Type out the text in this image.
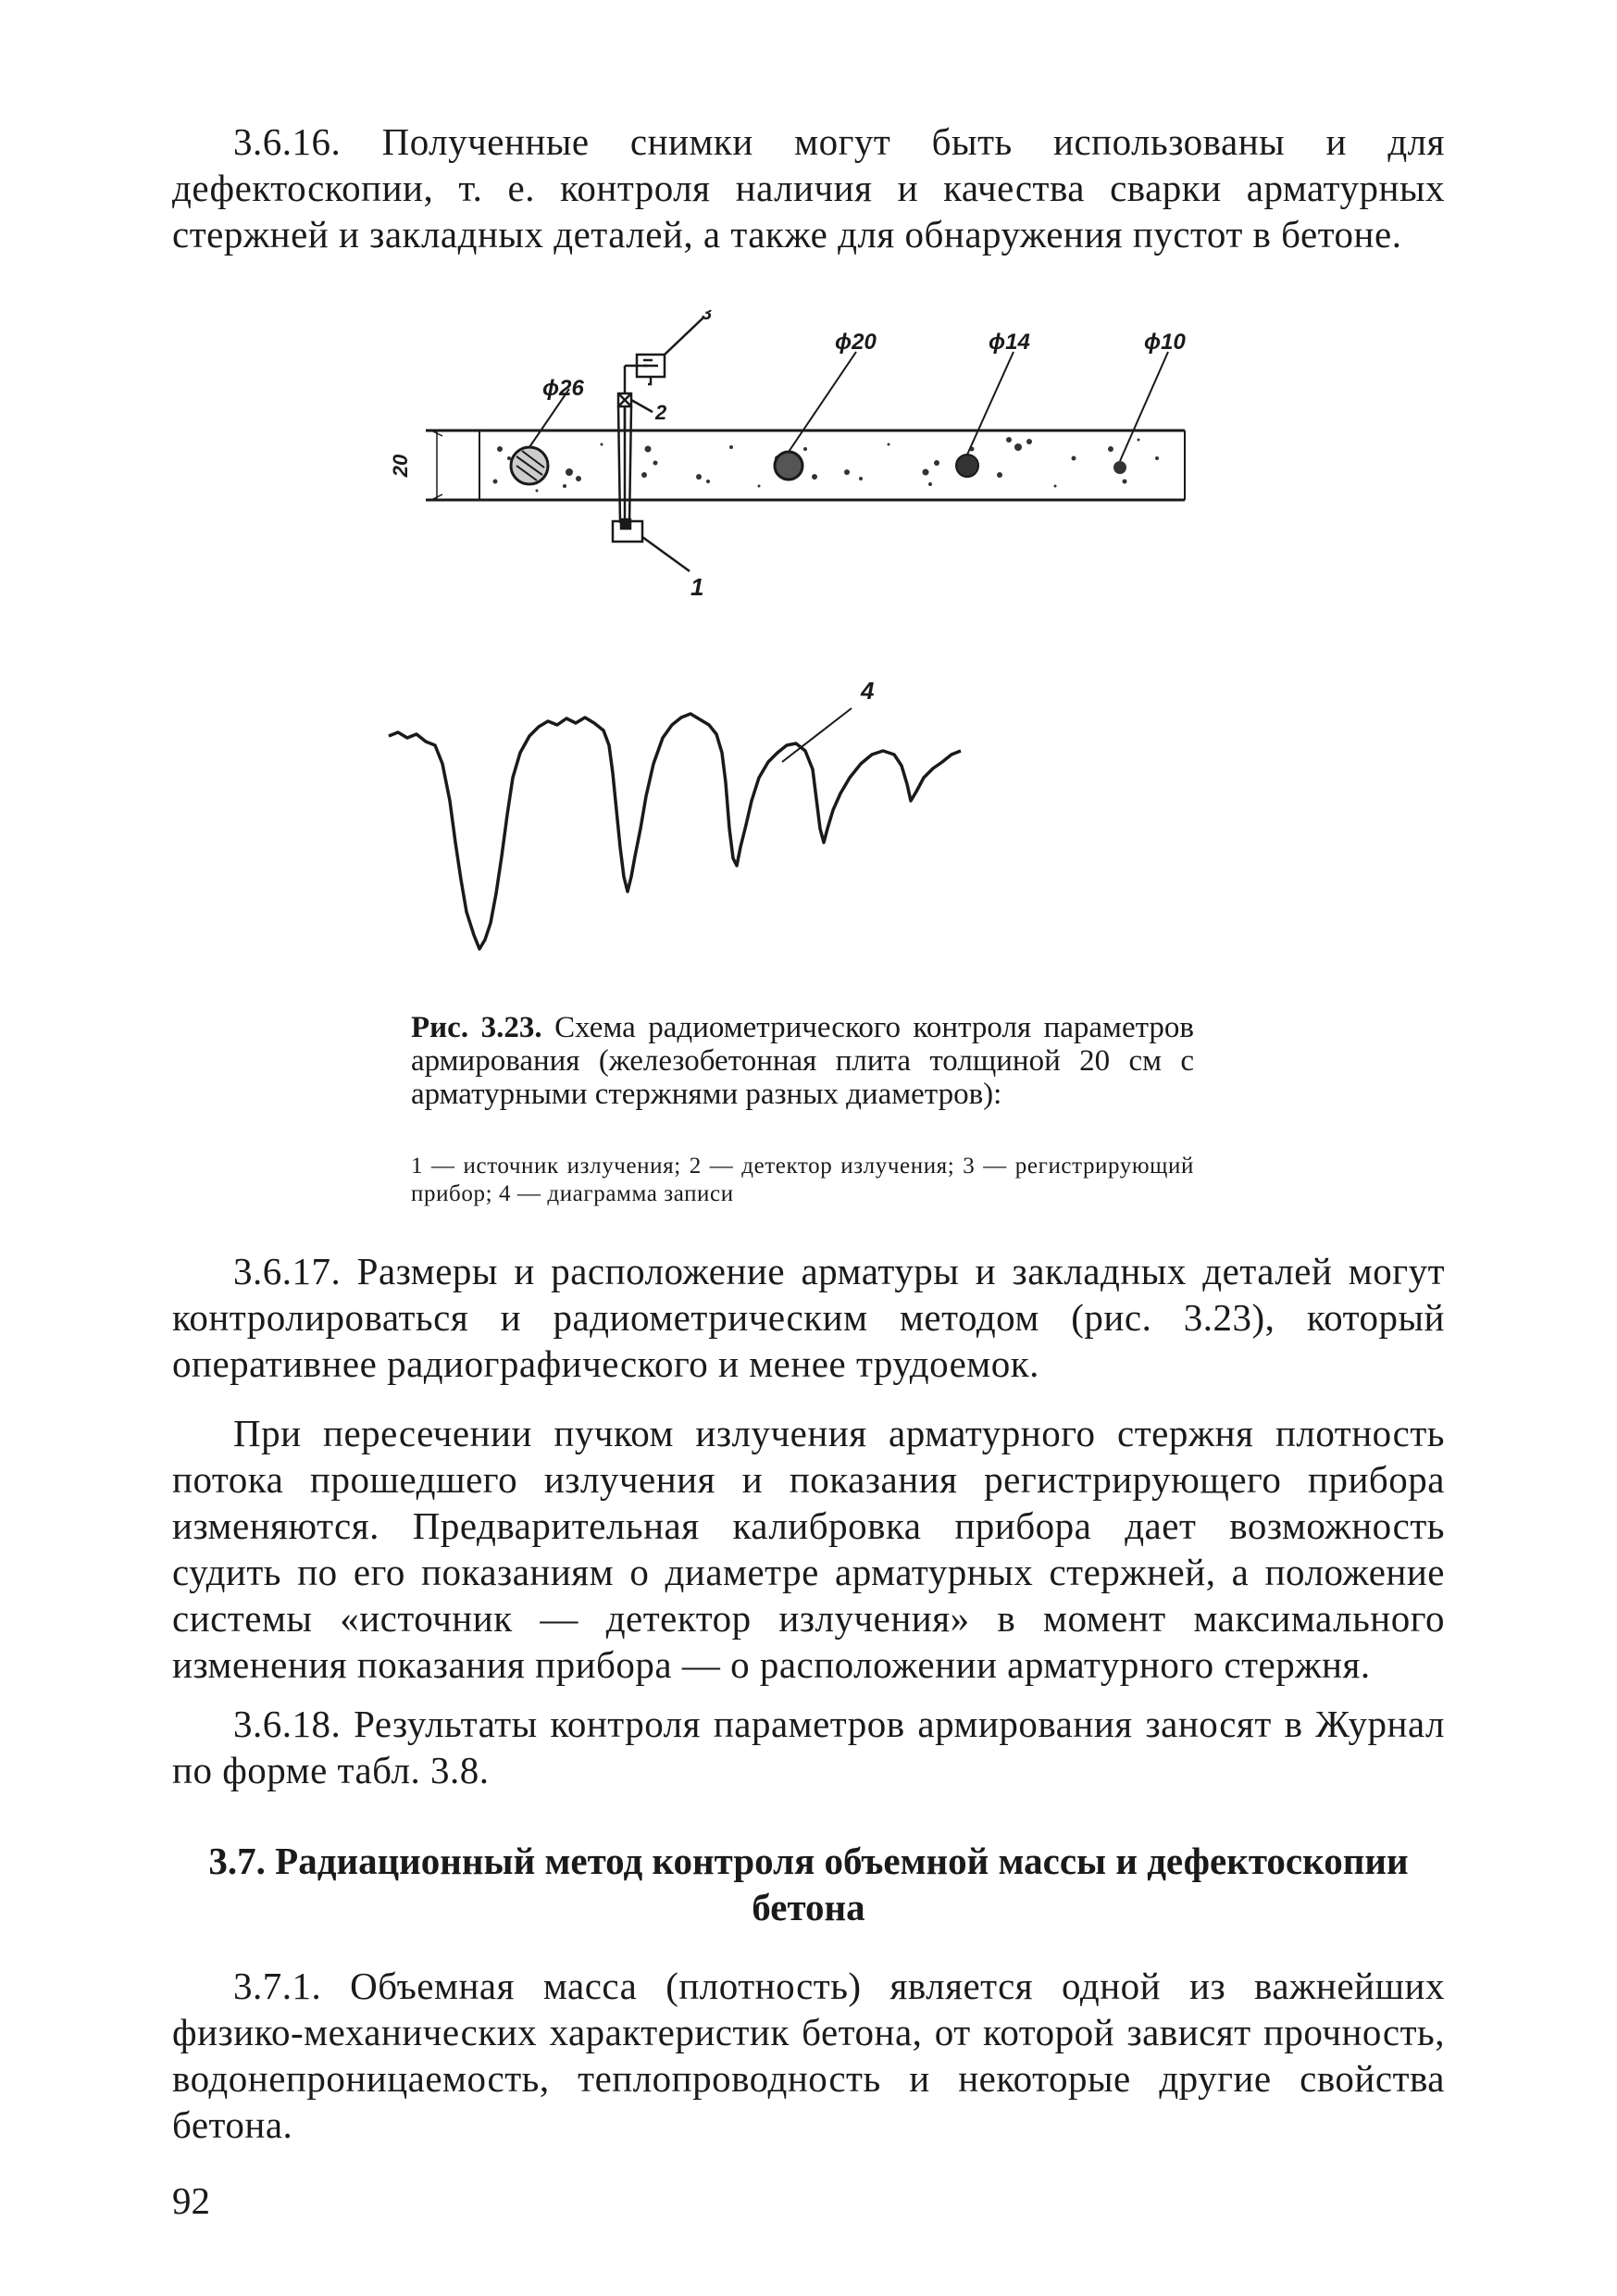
3.6.16. Полученные снимки могут быть использованы и для дефектоскопии, т. е. контроля наличия и качества сварки арматурных стержней и закладных деталей, а также для обнаружения пустот в бетоне.

ϕ26
ϕ20	ϕ14	ϕ10
20
1
2
3
4

Рис. 3.23. Схема радиометрического контроля параметров армирования (железобетонная плита толщиной 20 см с арматурными стержнями разных диаметров):

1 — источник излучения; 2 — детектор излучения; 3 — регистрирующий прибор; 4 — диаграмма записи

3.6.17. Размеры и расположение арматуры и закладных деталей могут контролироваться и радиометрическим методом (рис. 3.23), который оперативнее радиографического и менее трудоемок.

При пересечении пучком излучения арматурного стержня плотность потока прошедшего излучения и показания регистрирующего прибора изменяются. Предварительная калибровка прибора дает возможность судить по его показаниям о диаметре арматурных стержней, а положение системы «источник — детектор излучения» в момент максимального изменения показания прибора — о расположении арматурного стержня.

3.6.18. Результаты контроля параметров армирования заносят в Журнал по форме табл. 3.8.

3.7. Радиационный метод контроля объемной массы и дефектоскопии бетона

3.7.1. Объемная масса (плотность) является одной из важнейших физико-механических характеристик бетона, от которой зависят прочность, водонепроницаемость, теплопроводность и некоторые другие свойства бетона.

92
